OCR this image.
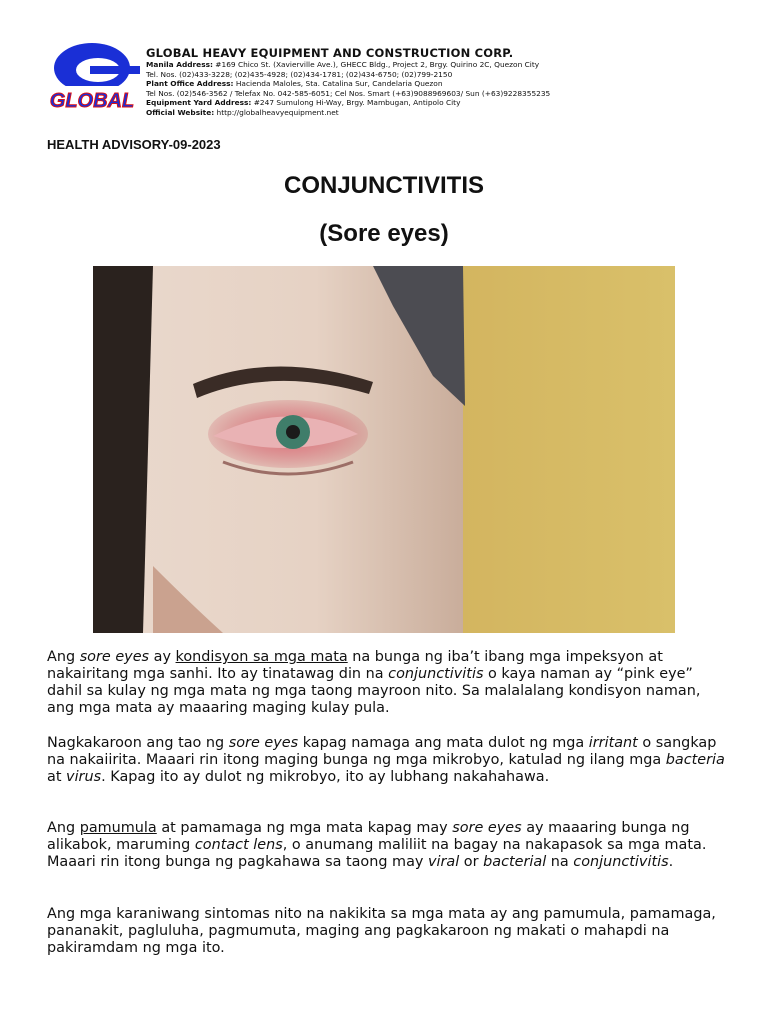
GLOBAL
GLOBAL HEAVY EQUIPMENT AND CONSTRUCTION CORP.
Manila Address: #169 Chico St. (Xavierville Ave.), GHECC Bldg., Project 2, Brgy. Quirino 2C, Quezon City
Tel. Nos. (02)433-3228; (02)435-4928; (02)434-1781; (02)434-6750; (02)799-2150
Plant Office Address: Hacienda Maloles, Sta. Catalina Sur, Candelaria Quezon
Tel Nos. (02)546-3562 / Telefax No. 042-585-6051; Cel Nos. Smart (+63)9088969603/ Sun (+63)9228355235
Equipment Yard Address: #247 Sumulong Hi-Way, Brgy. Mambugan, Antipolo City
Official Website: http://globalheavyequipment.net
HEALTH ADVISORY-09-2023
CONJUNCTIVITIS
(Sore eyes)
Ang sore eyes ay kondisyon sa mga mata na bunga ng iba’t ibang mga impeksyon at nakairitang mga sanhi. Ito ay tinatawag din na conjunctivitis o kaya naman ay “pink eye” dahil sa kulay ng mga mata ng mga taong mayroon nito. Sa malalalang kondisyon naman, ang mga mata ay maaaring maging kulay pula.
Nagkakaroon ang tao ng sore eyes kapag namaga ang mata dulot ng mga irritant o sangkap na nakaiirita. Maaari rin itong maging bunga ng mga mikrobyo, katulad ng ilang mga bacteria at virus. Kapag ito ay dulot ng mikrobyo, ito ay lubhang nakahahawa.
Ang pamumula at pamamaga ng mga mata kapag may sore eyes ay maaaring bunga ng alikabok, maruming contact lens, o anumang maliliit na bagay na nakapasok sa mga mata. Maaari rin itong bunga ng pagkahawa sa taong may viral or bacterial na conjunctivitis.
Ang mga karaniwang sintomas nito na nakikita sa mga mata ay ang pamumula, pamamaga, pananakit, pagluluha, pagmumuta, maging ang pagkakaroon ng makati o mahapdi na pakiramdam ng mga ito.
